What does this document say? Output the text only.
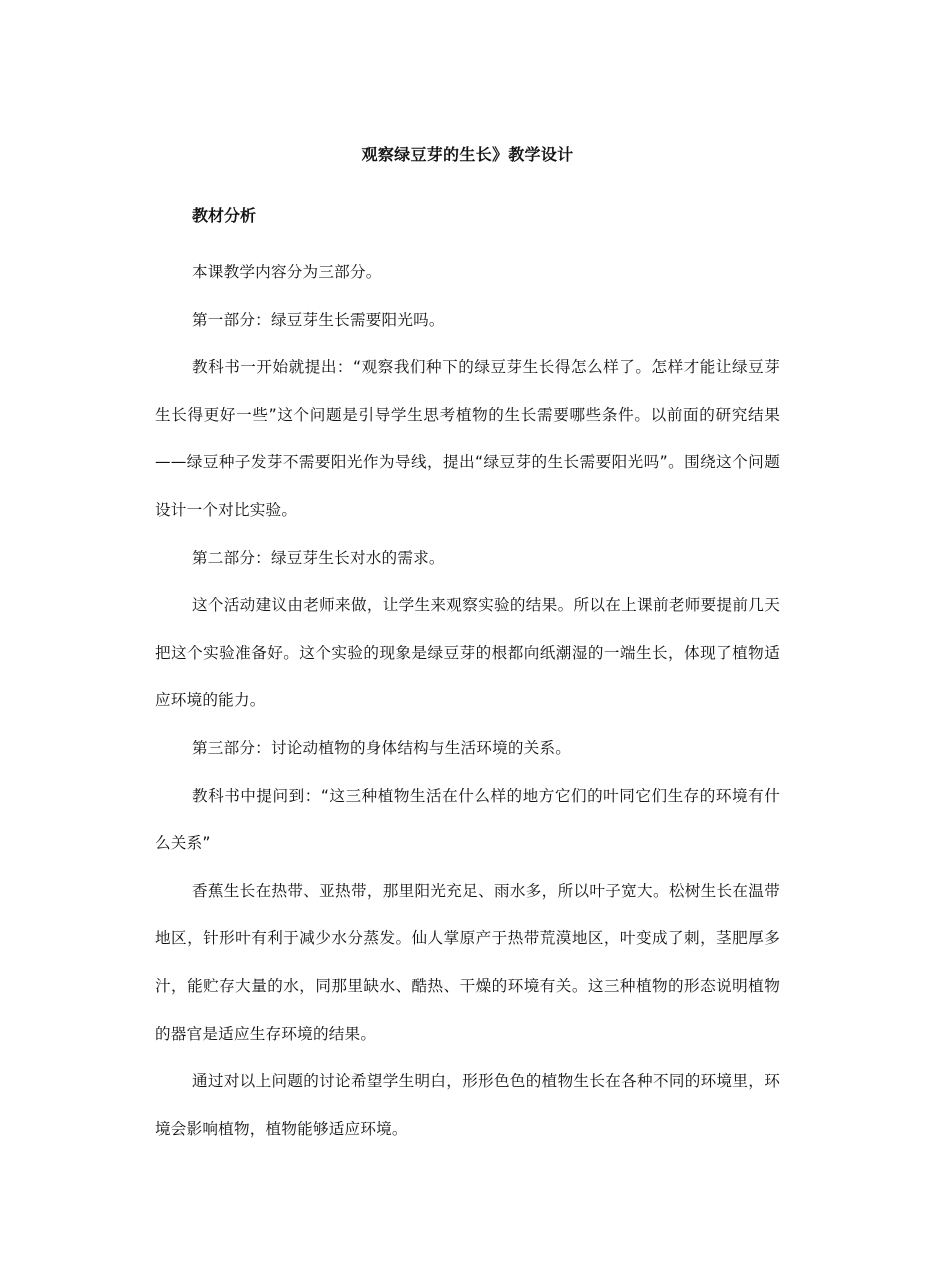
观察绿豆芽的生长》教学设计
教材分析

本课教学内容分为三部分。

第一部分：绿豆芽生长需要阳光吗。

教科书一开始就提出：“观察我们种下的绿豆芽生长得怎么样了。怎样才能让绿豆芽生长得更好一些”这个问题是引导学生思考植物的生长需要哪些条件。以前面的研究结果——绿豆种子发芽不需要阳光作为导线，提出“绿豆芽的生长需要阳光吗”。围绕这个问题设计一个对比实验。

第二部分：绿豆芽生长对水的需求。

这个活动建议由老师来做，让学生来观察实验的结果。所以在上课前老师要提前几天把这个实验准备好。这个实验的现象是绿豆芽的根都向纸潮湿的一端生长，体现了植物适应环境的能力。

第三部分：讨论动植物的身体结构与生活环境的关系。

教科书中提问到：“这三种植物生活在什么样的地方它们的叶同它们生存的环境有什么关系”

香蕉生长在热带、亚热带，那里阳光充足、雨水多，所以叶子宽大。松树生长在温带地区，针形叶有利于减少水分蒸发。仙人掌原产于热带荒漠地区，叶变成了刺，茎肥厚多汁，能贮存大量的水，同那里缺水、酷热、干燥的环境有关。这三种植物的形态说明植物的器官是适应生存环境的结果。

通过对以上问题的讨论希望学生明白，形形色色的植物生长在各种不同的环境里，环境会影响植物，植物能够适应环境。
